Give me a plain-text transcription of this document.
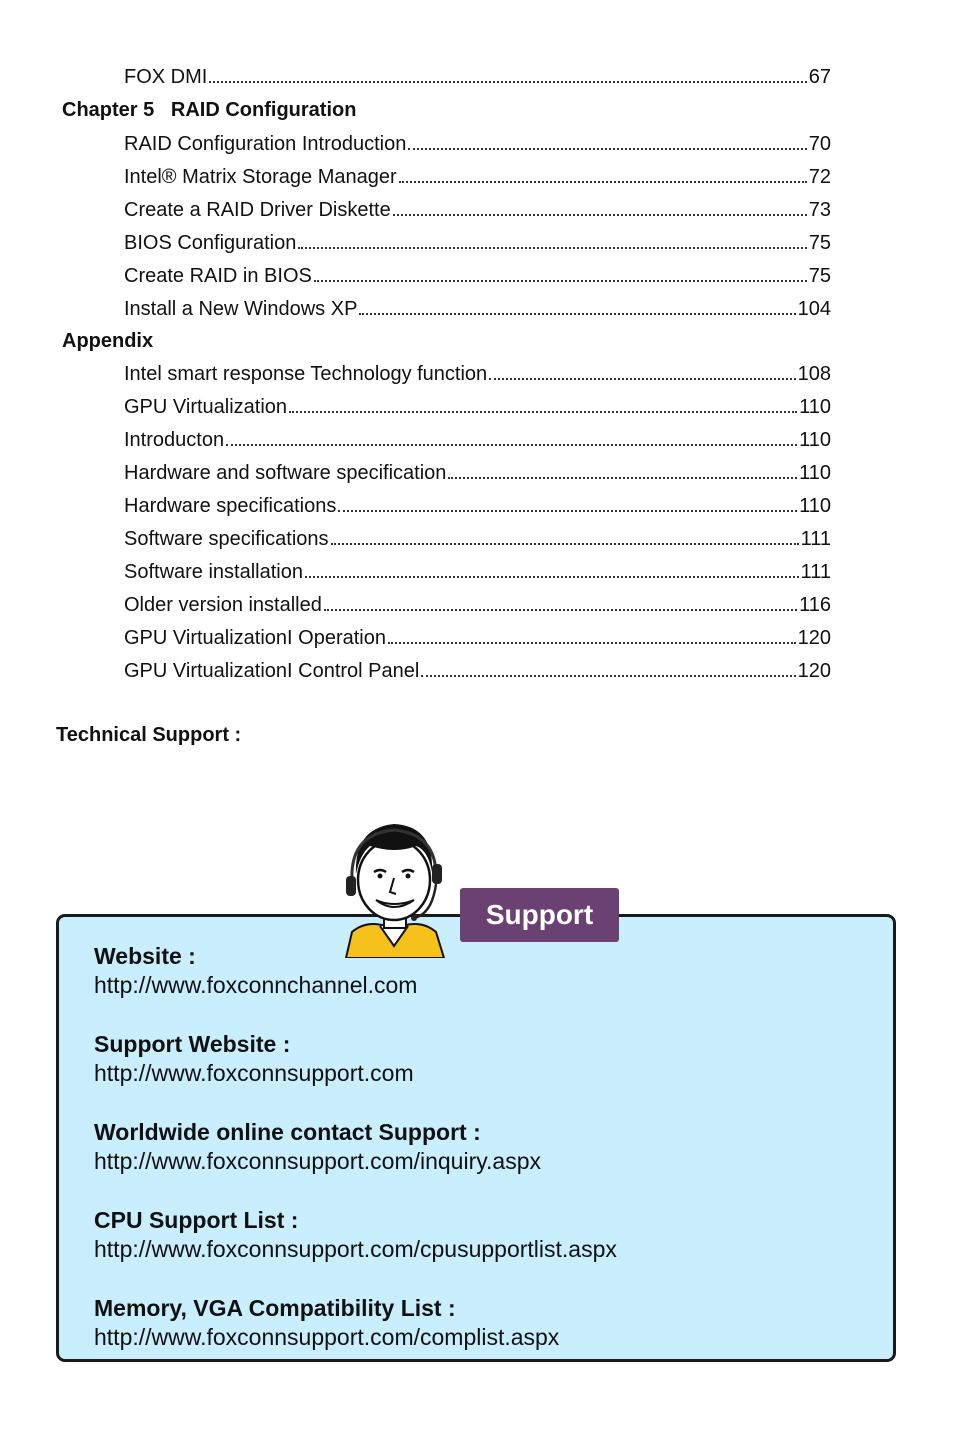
FOX DMI	67
Chapter 5 RAID Configuration
RAID Configuration Introduction	70
Intel® Matrix Storage Manager	72
Create a RAID Driver Diskette	73
BIOS Configuration	75
Create RAID in BIOS	75
Install a New Windows XP	104
Appendix
Intel smart response Technology function	108
GPU Virtualization	110
Introducton	110
Hardware and software specification	110
Hardware specifications	110
Software specifications	111
Software installation	111
Older version installed	116
GPU VirtualizationI Operation	120
GPU VirtualizationI Control Panel	120
Technical Support :
Support
Website :
http://www.foxconnchannel.com
Support Website :
http://www.foxconnsupport.com
Worldwide online contact Support :
http://www.foxconnsupport.com/inquiry.aspx
CPU Support List :
http://www.foxconnsupport.com/cpusupportlist.aspx
Memory, VGA Compatibility List :
http://www.foxconnsupport.com/complist.aspx
